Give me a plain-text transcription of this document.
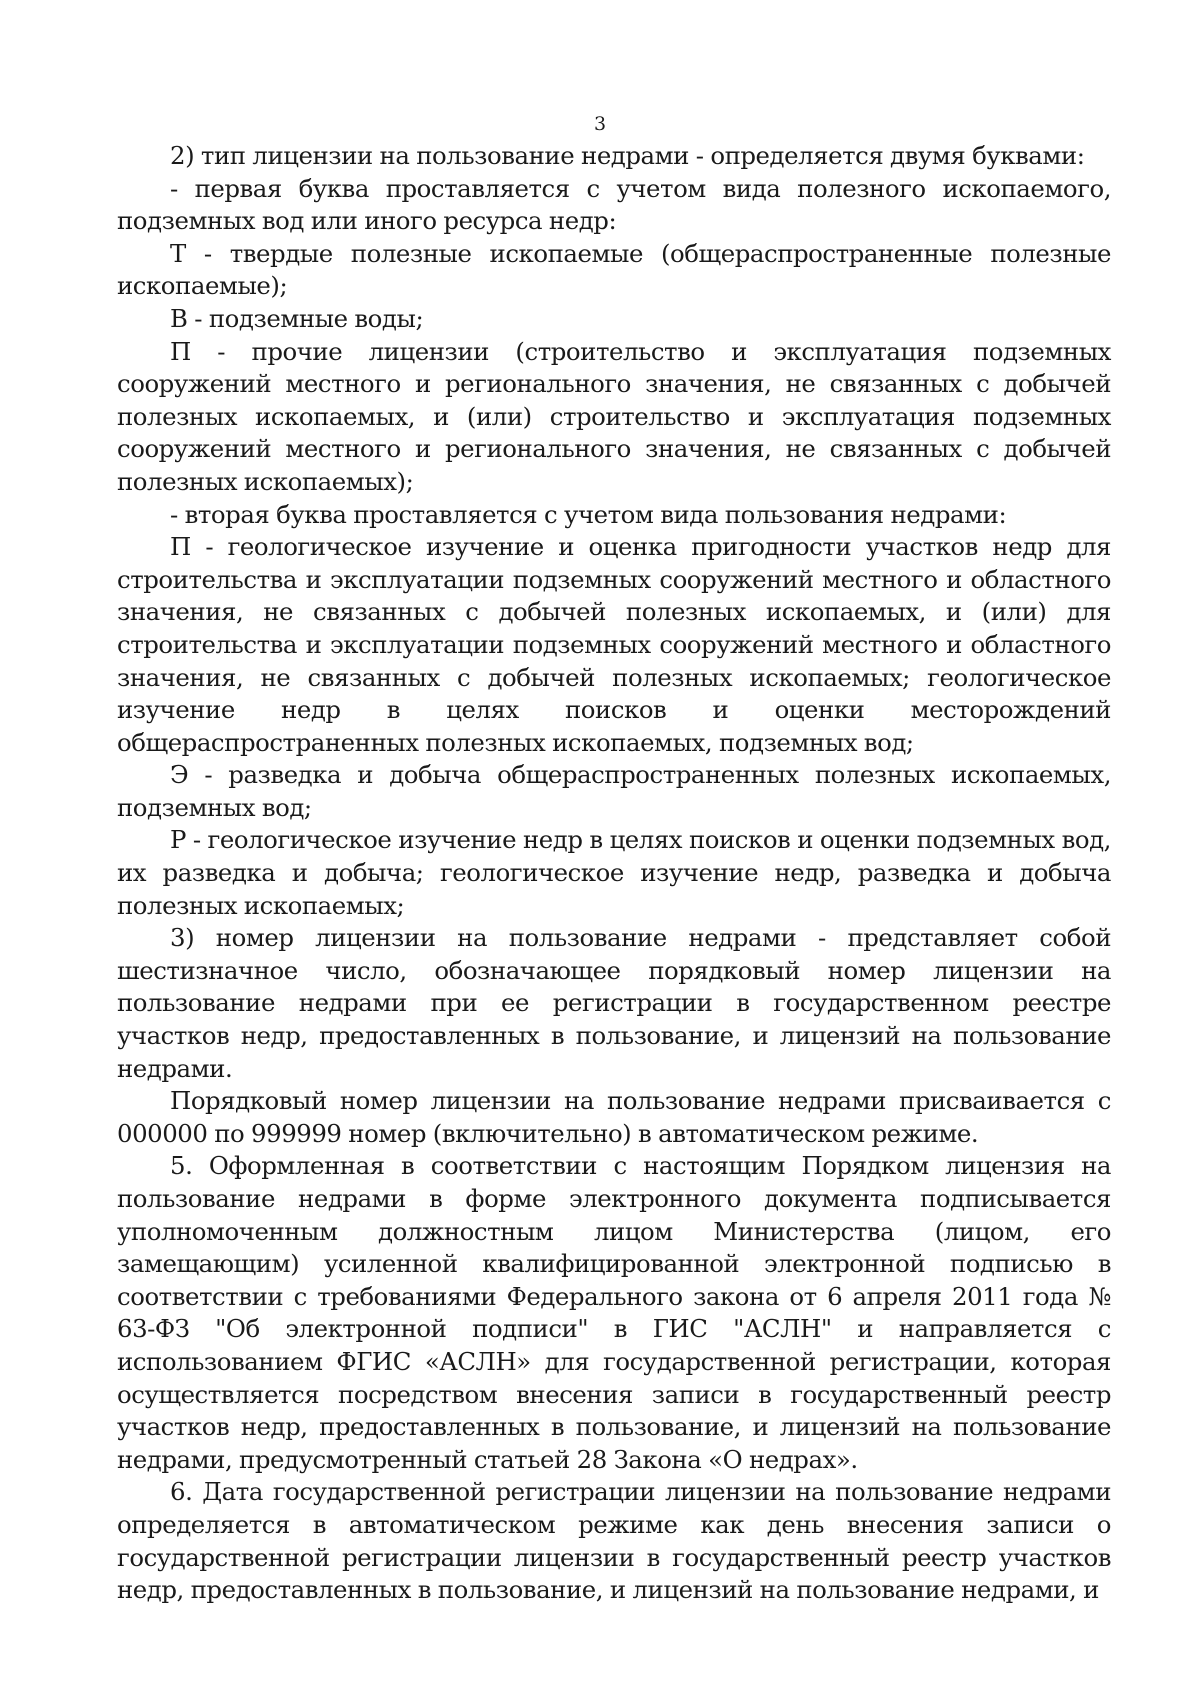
3

2) тип лицензии на пользование недрами - определяется двумя буквами:

- первая буква проставляется с учетом вида полезного ископаемого, подземных вод или иного ресурса недр:

Т - твердые полезные ископаемые (общераспространенные полезные ископаемые);

В - подземные воды;

П - прочие лицензии (строительство и эксплуатация подземных сооружений местного и регионального значения, не связанных с добычей полезных ископаемых, и (или) строительство и эксплуатация подземных сооружений местного и регионального значения, не связанных с добычей полезных ископаемых);

- вторая буква проставляется с учетом вида пользования недрами:

П - геологическое изучение и оценка пригодности участков недр для строительства и эксплуатации подземных сооружений местного и областного значения, не связанных с добычей полезных ископаемых, и (или) для строительства и эксплуатации подземных сооружений местного и областного значения, не связанных с добычей полезных ископаемых; геологическое изучение недр в целях поисков и оценки месторождений общераспространенных полезных ископаемых, подземных вод;

Э - разведка и добыча общераспространенных полезных ископаемых, подземных вод;

Р - геологическое изучение недр в целях поисков и оценки подземных вод, их разведка и добыча; геологическое изучение недр, разведка и добыча полезных ископаемых;

3) номер лицензии на пользование недрами - представляет собой шестизначное число, обозначающее порядковый номер лицензии на пользование недрами при ее регистрации в государственном реестре участков недр, предоставленных в пользование, и лицензий на пользование недрами.

Порядковый номер лицензии на пользование недрами присваивается с 000000 по 999999 номер (включительно) в автоматическом режиме.

5. Оформленная в соответствии с настоящим Порядком лицензия на пользование недрами в форме электронного документа подписывается уполномоченным должностным лицом Министерства (лицом, его замещающим) усиленной квалифицированной электронной подписью в соответствии с требованиями Федерального закона от 6 апреля 2011 года № 63-ФЗ "Об электронной подписи" в ГИС "АСЛН" и направляется с использованием ФГИС «АСЛН» для государственной регистрации, которая осуществляется посредством внесения записи в государственный реестр участков недр, предоставленных в пользование, и лицензий на пользование недрами, предусмотренный статьей 28 Закона «О недрах».

6. Дата государственной регистрации лицензии на пользование недрами определяется в автоматическом режиме как день внесения записи о государственной регистрации лицензии в государственный реестр участков недр, предоставленных в пользование, и лицензий на пользование недрами, и
